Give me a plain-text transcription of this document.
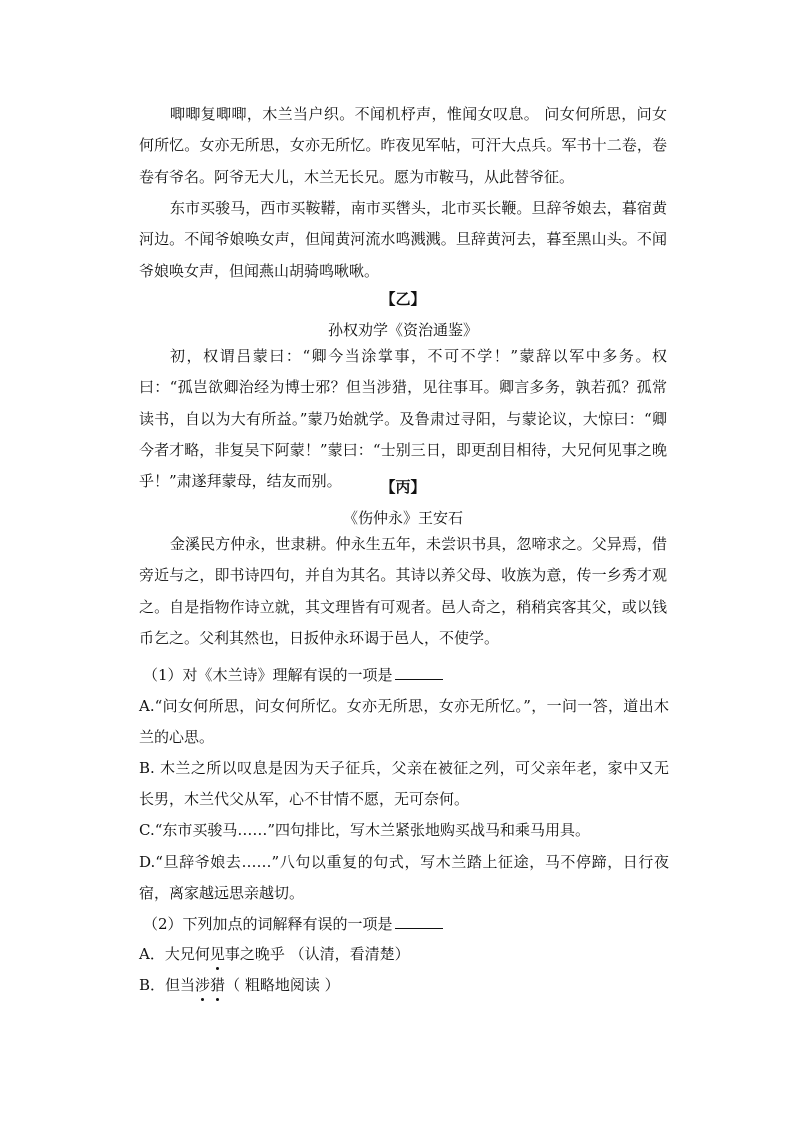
唧唧复唧唧，木兰当户织。不闻机杼声，惟闻女叹息。 问女何所思，问女何所忆。女亦无所思，女亦无所忆。昨夜见军帖，可汗大点兵。军书十二卷，卷卷有爷名。阿爷无大儿，木兰无长兄。愿为市鞍马，从此替爷征。

东市买骏马，西市买鞍鞯，南市买辔头，北市买长鞭。旦辞爷娘去，暮宿黄河边。不闻爷娘唤女声，但闻黄河流水鸣溅溅。旦辞黄河去，暮至黑山头。不闻爷娘唤女声，但闻燕山胡骑鸣啾啾。

【乙】

孙权劝学《资治通鉴》

初，权谓吕蒙曰：“卿今当涂掌事，不可不学！”蒙辞以军中多务。权曰：“孤岂欲卿治经为博士邪？但当涉猎，见往事耳。卿言多务，孰若孤？孤常读书，自以为大有所益。”蒙乃始就学。及鲁肃过寻阳，与蒙论议，大惊曰：“卿今者才略，非复吴下阿蒙！”蒙曰：“士别三日，即更刮目相待，大兄何见事之晚乎！”肃遂拜蒙母，结友而别。	【丙】

《伤仲永》王安石

金溪民方仲永，世隶耕。仲永生五年，未尝识书具，忽啼求之。父异焉，借旁近与之，即书诗四句，并自为其名。其诗以养父母、收族为意，传一乡秀才观之。自是指物作诗立就，其文理皆有可观者。邑人奇之，稍稍宾客其父，或以钱币乞之。父利其然也，日扳仲永环谒于邑人，不使学。

（1）对《木兰诗》理解有误的一项是

A.“问女何所思，问女何所忆。女亦无所思，女亦无所忆。”，一问一答，道出木兰的心思。

B. 木兰之所以叹息是因为天子征兵，父亲在被征之列，可父亲年老，家中又无长男，木兰代父从军，心不甘情不愿，无可奈何。

C.“东市买骏马……”四句排比，写木兰紧张地购买战马和乘马用具。

D.“旦辞爷娘去……”八句以重复的句式，写木兰踏上征途，马不停蹄，日行夜宿，离家越远思亲越切。

（2）下列加点的词解释有误的一项是

A．大兄何见事之晚乎 （认清，看清楚）

B．但当涉猎（ 粗略地阅读 ）
